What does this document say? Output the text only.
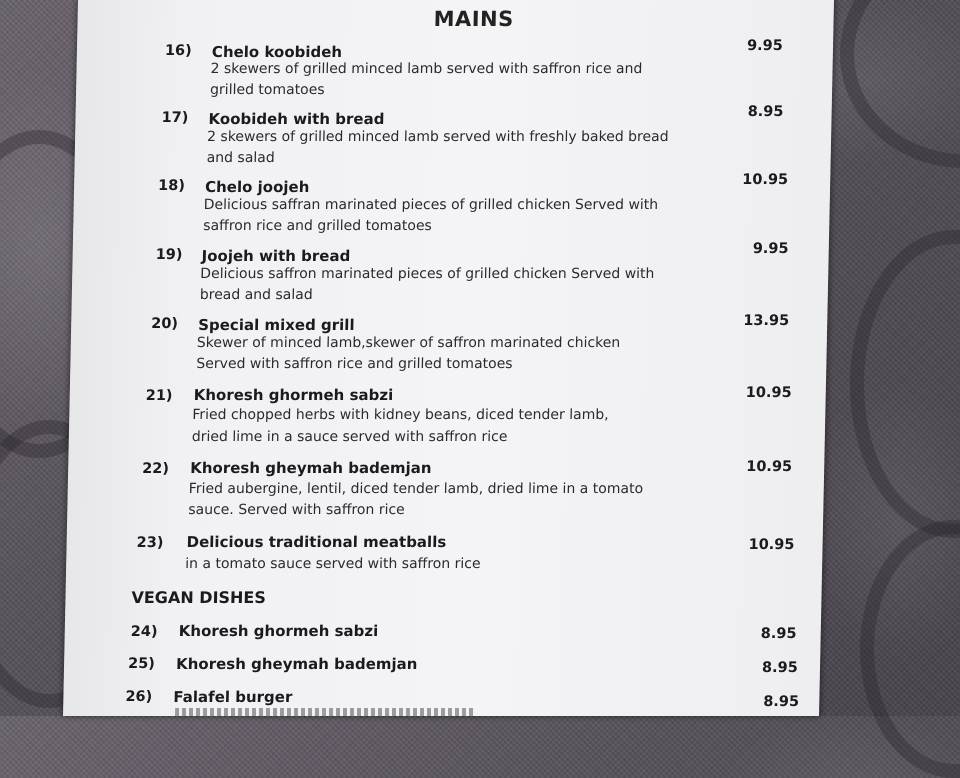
MAINS
16) Chelo koobideh
2 skewers of grilled minced lamb served with saffron rice and
grilled tomatoes
9.95
17) Koobideh with bread
2 skewers of grilled minced lamb served with freshly baked bread
and salad
8.95
18) Chelo joojeh
Delicious saffran marinated pieces of grilled chicken Served with
saffron rice and grilled tomatoes
10.95
19) Joojeh with bread
Delicious saffron marinated pieces of grilled chicken Served with
bread and salad
9.95
20) Special mixed grill
Skewer of minced lamb,skewer of saffron marinated chicken
Served with saffron rice and grilled tomatoes
13.95
21) Khoresh ghormeh sabzi
Fried chopped herbs with kidney beans, diced tender lamb,
dried lime in a sauce served with saffron rice
10.95
22) Khoresh gheymah bademjan
Fried aubergine, lentil, diced tender lamb, dried lime in a tomato
sauce. Served with saffron rice
10.95
23) Delicious traditional meatballs
in a tomato sauce served with saffron rice
10.95
VEGAN DISHES
24) Khoresh ghormeh sabzi	8.95
25) Khoresh gheymah bademjan	8.95
26) Falafel burger	8.95
